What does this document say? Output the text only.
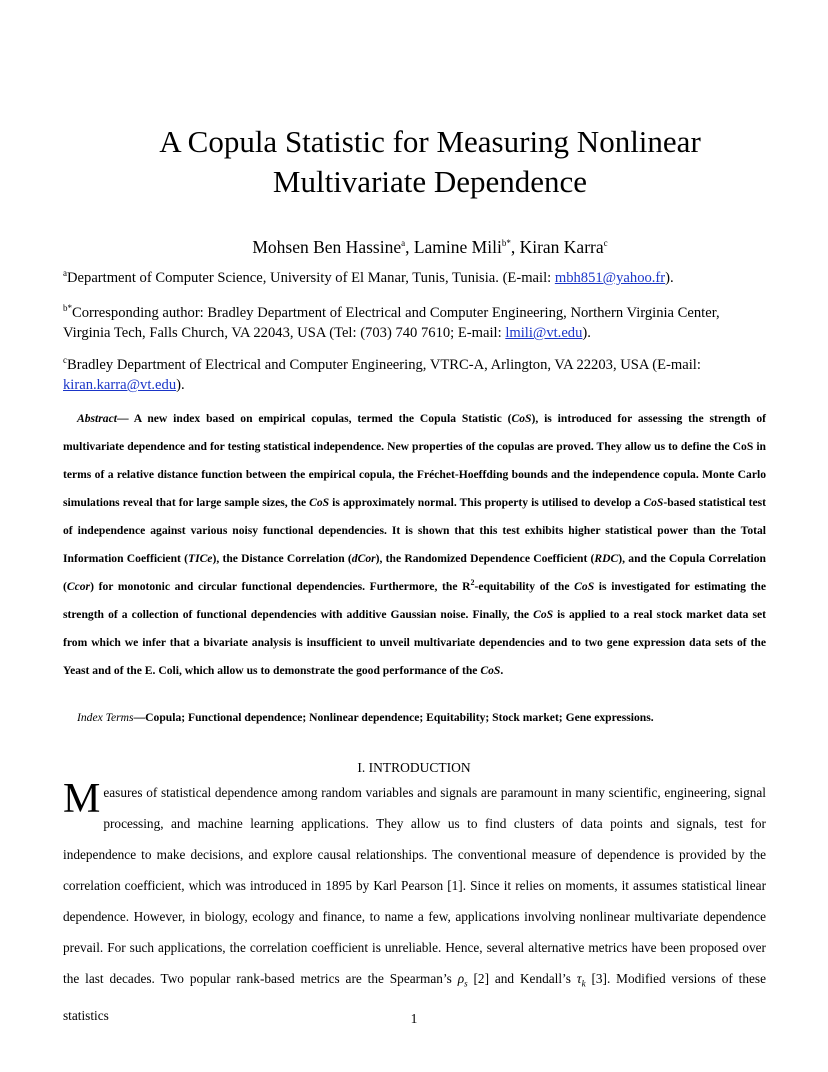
A Copula Statistic for Measuring Nonlinear
Multivariate Dependence
Mohsen Ben Hassine$^a$, Lamine Mili$^{b*}$, Kiran Karra$^c$
$^a$Department of Computer Science, University of El Manar, Tunis, Tunisia. (E-mail: mbh851@yahoo.fr).
$^{b*}$Corresponding author: Bradley Department of Electrical and Computer Engineering, Northern Virginia Center, Virginia Tech, Falls Church, VA 22043, USA (Tel: (703) 740 7610; E-mail: lmili@vt.edu).
$^c$Bradley Department of Electrical and Computer Engineering, VTRC-A, Arlington, VA 22203, USA (E-mail: kiran.karra@vt.edu).
Abstract— A new index based on empirical copulas, termed the Copula Statistic (CoS), is introduced for assessing the strength of multivariate dependence and for testing statistical independence. New properties of the copulas are proved. They allow us to define the CoS in terms of a relative distance function between the empirical copula, the Fréchet-Hoeffding bounds and the independence copula. Monte Carlo simulations reveal that for large sample sizes, the CoS is approximately normal. This property is utilised to develop a CoS-based statistical test of independence against various noisy functional dependencies. It is shown that this test exhibits higher statistical power than the Total Information Coefficient (TICe), the Distance Correlation (dCor), the Randomized Dependence Coefficient (RDC), and the Copula Correlation (Ccor) for monotonic and circular functional dependencies. Furthermore, the $R^2$-equitability of the CoS is investigated for estimating the strength of a collection of functional dependencies with additive Gaussian noise. Finally, the CoS is applied to a real stock market data set from which we infer that a bivariate analysis is insufficient to unveil multivariate dependencies and to two gene expression data sets of the Yeast and of the E. Coli, which allow us to demonstrate the good performance of the CoS.
Index Terms—Copula; Functional dependence; Nonlinear dependence; Equitability; Stock market; Gene expressions.
I. INTRODUCTION
Measures of statistical dependence among random variables and signals are paramount in many scientific, engineering, signal processing, and machine learning applications. They allow us to find clusters of data points and signals, test for independence to make decisions, and explore causal relationships. The conventional measure of dependence is provided by the correlation coefficient, which was introduced in 1895 by Karl Pearson [1]. Since it relies on moments, it assumes statistical linear dependence. However, in biology, ecology and finance, to name a few, applications involving nonlinear multivariate dependence prevail. For such applications, the correlation coefficient is unreliable. Hence, several alternative metrics have been proposed over the last decades. Two popular rank-based metrics are the Spearman’s $\rho_s$ [2] and Kendall’s $\tau_k$ [3]. Modified versions of these statistics	1
